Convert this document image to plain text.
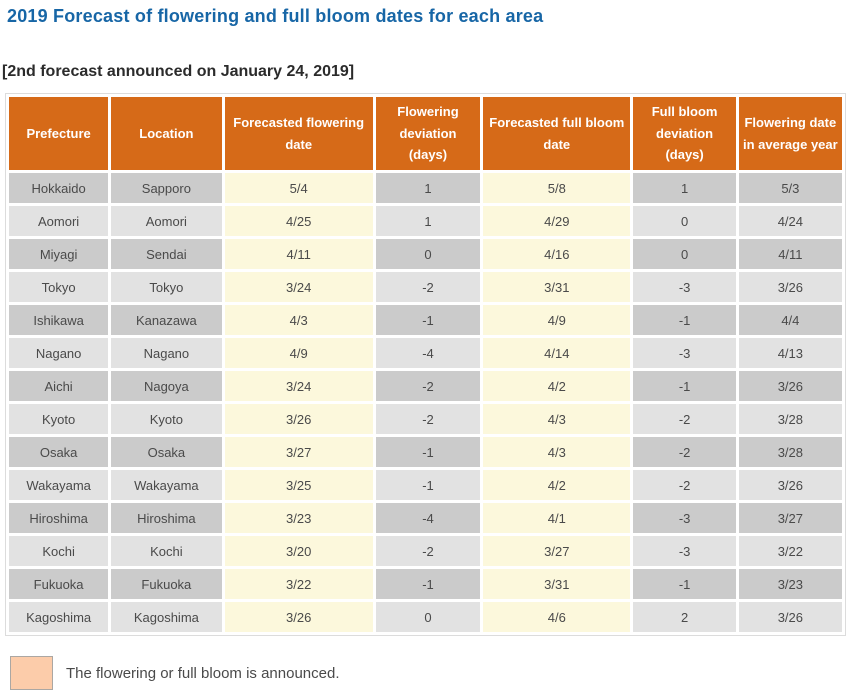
2019 Forecast of flowering and full bloom dates for each area
[2nd forecast announced on January 24, 2019]
Prefecture	Location	Forecasted flowering date	Flowering deviation (days)	Forecasted full bloom date	Full bloom deviation (days)	Flowering date in average year
Hokkaido	Sapporo	5/4	1	5/8	1	5/3
Aomori	Aomori	4/25	1	4/29	0	4/24
Miyagi	Sendai	4/11	0	4/16	0	4/11
Tokyo	Tokyo	3/24	-2	3/31	-3	3/26
Ishikawa	Kanazawa	4/3	-1	4/9	-1	4/4
Nagano	Nagano	4/9	-4	4/14	-3	4/13
Aichi	Nagoya	3/24	-2	4/2	-1	3/26
Kyoto	Kyoto	3/26	-2	4/3	-2	3/28
Osaka	Osaka	3/27	-1	4/3	-2	3/28
Wakayama	Wakayama	3/25	-1	4/2	-2	3/26
Hiroshima	Hiroshima	3/23	-4	4/1	-3	3/27
Kochi	Kochi	3/20	-2	3/27	-3	3/22
Fukuoka	Fukuoka	3/22	-1	3/31	-1	3/23
Kagoshima	Kagoshima	3/26	0	4/6	2	3/26
The flowering or full bloom is announced.
